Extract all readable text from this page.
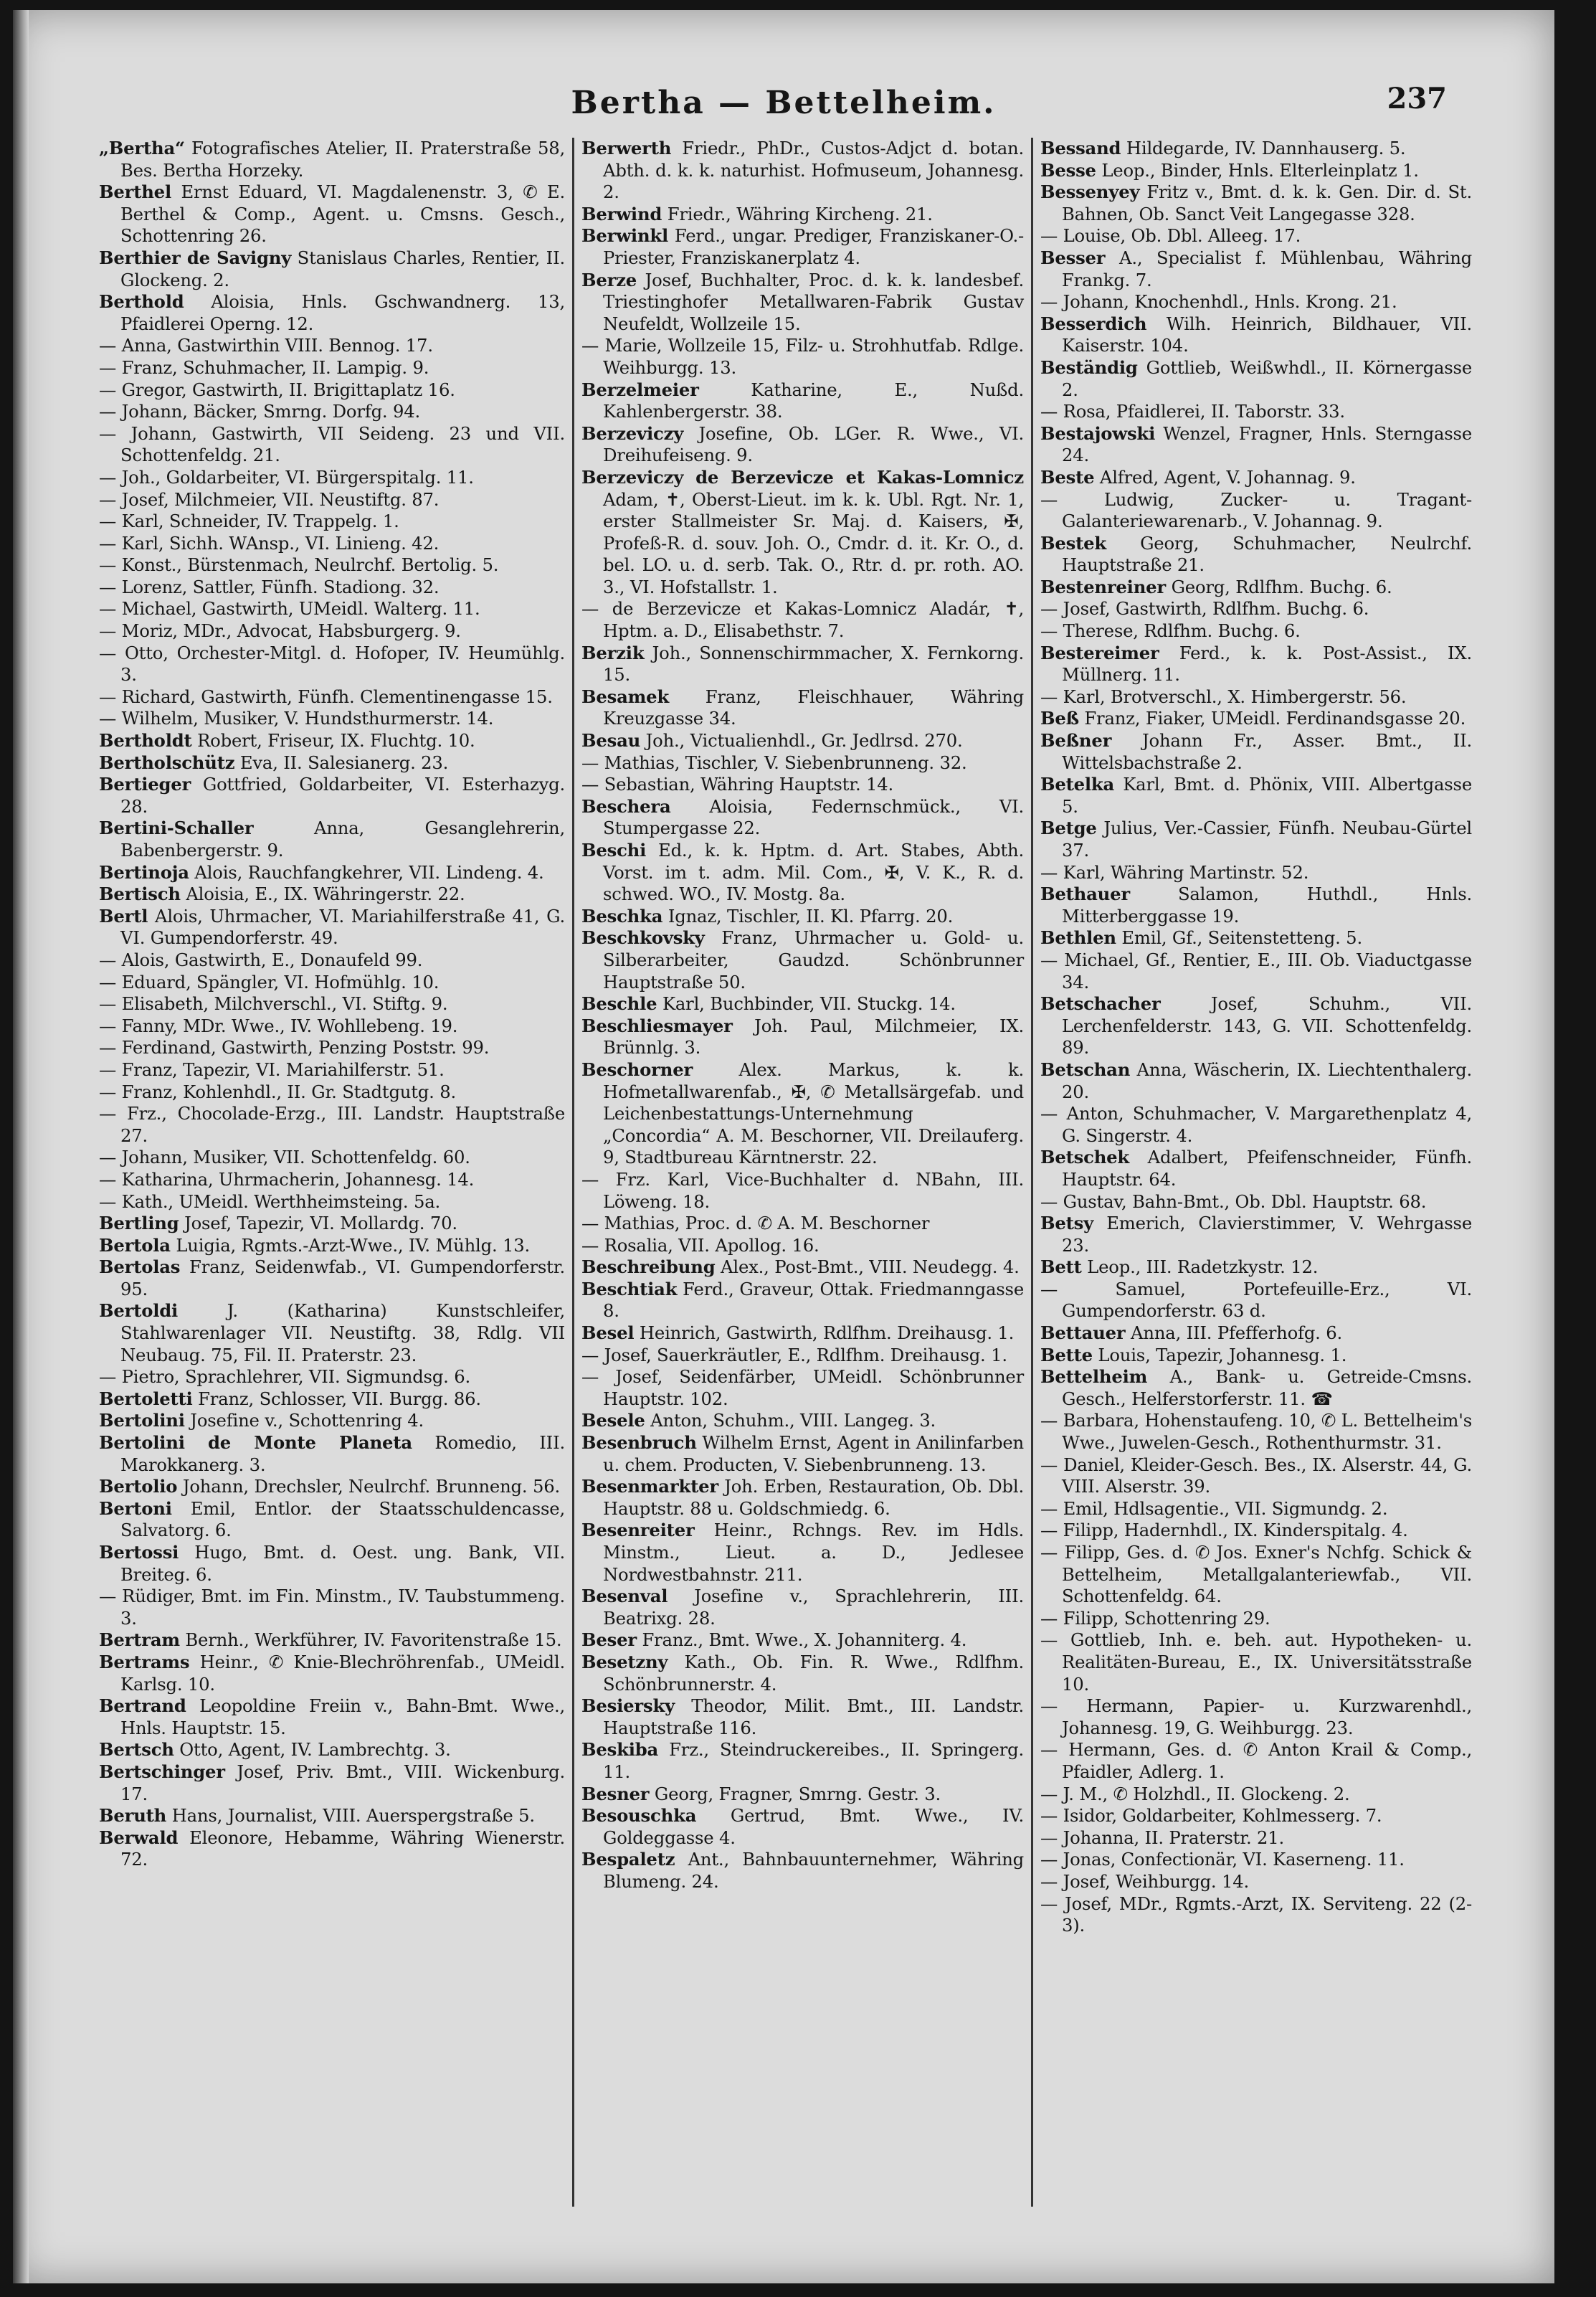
Bertha — Bettelheim.	237

„Bertha“ Fotografisches Atelier, II. Praterstraße 58, Bes. Bertha Horzeky.

Berthel Ernst Eduard, VI. Magdalenenstr. 3, ✆ E. Berthel & Comp., Agent. u. Cmsns. Gesch., Schottenring 26.

Berthier de Savigny Stanislaus Charles, Rentier, II. Glockeng. 2.

Berthold Aloisia, Hnls. Gschwandnerg. 13, Pfaidlerei Operng. 12.

— Anna, Gastwirthin VIII. Bennog. 17.

— Franz, Schuhmacher, II. Lampig. 9.

— Gregor, Gastwirth, II. Brigittaplatz 16.

— Johann, Bäcker, Smrng. Dorfg. 94.

— Johann, Gastwirth, VII Seideng. 23 und VII. Schottenfeldg. 21.

— Joh., Goldarbeiter, VI. Bürgerspitalg. 11.

— Josef, Milchmeier, VII. Neustiftg. 87.

— Karl, Schneider, IV. Trappelg. 1.

— Karl, Sichh. WAnsp., VI. Linieng. 42.

— Konst., Bürstenmach, Neulrchf. Bertolig. 5.

— Lorenz, Sattler, Fünfh. Stadiong. 32.

— Michael, Gastwirth, UMeidl. Walterg. 11.

— Moriz, MDr., Advocat, Habsburgerg. 9.

— Otto, Orchester-Mitgl. d. Hofoper, IV. Heumühlg. 3.

— Richard, Gastwirth, Fünfh. Clementinengasse 15.

— Wilhelm, Musiker, V. Hundsthurmerstr. 14.

Bertholdt Robert, Friseur, IX. Fluchtg. 10.

Bertholschütz Eva, II. Salesianerg. 23.

Bertieger Gottfried, Goldarbeiter, VI. Esterhazyg. 28.

Bertini-Schaller Anna, Gesanglehrerin, Babenbergerstr. 9.

Bertinoja Alois, Rauchfangkehrer, VII. Lindeng. 4.

Bertisch Aloisia, E., IX. Währingerstr. 22.

Bertl Alois, Uhrmacher, VI. Mariahilferstraße 41, G. VI. Gumpendorferstr. 49.

— Alois, Gastwirth, E., Donaufeld 99.

— Eduard, Spängler, VI. Hofmühlg. 10.

— Elisabeth, Milchverschl., VI. Stiftg. 9.

— Fanny, MDr. Wwe., IV. Wohllebeng. 19.

— Ferdinand, Gastwirth, Penzing Poststr. 99.

— Franz, Tapezir, VI. Mariahilferstr. 51.

— Franz, Kohlenhdl., II. Gr. Stadtgutg. 8.

— Frz., Chocolade-Erzg., III. Landstr. Hauptstraße 27.

— Johann, Musiker, VII. Schottenfeldg. 60.

— Katharina, Uhrmacherin, Johannesg. 14.

— Kath., UMeidl. Werthheimsteing. 5a.

Bertling Josef, Tapezir, VI. Mollardg. 70.

Bertola Luigia, Rgmts.-Arzt-Wwe., IV. Mühlg. 13.

Bertolas Franz, Seidenwfab., VI. Gumpendorferstr. 95.

Bertoldi J. (Katharina) Kunstschleifer, Stahlwarenlager VII. Neustiftg. 38, Rdlg. VII Neubaug. 75, Fil. II. Praterstr. 23.

— Pietro, Sprachlehrer, VII. Sigmundsg. 6.

Bertoletti Franz, Schlosser, VII. Burgg. 86.

Bertolini Josefine v., Schottenring 4.

Bertolini de Monte Planeta Romedio, III. Marokkanerg. 3.

Bertolio Johann, Drechsler, Neulrchf. Brunneng. 56.

Bertoni Emil, Entlor. der Staatsschuldencasse, Salvatorg. 6.

Bertossi Hugo, Bmt. d. Oest. ung. Bank, VII. Breiteg. 6.

— Rüdiger, Bmt. im Fin. Minstm., IV. Taubstummeng. 3.

Bertram Bernh., Werkführer, IV. Favoritenstraße 15.

Bertrams Heinr., ✆ Knie-Blechröhrenfab., UMeidl. Karlsg. 10.

Bertrand Leopoldine Freiin v., Bahn-Bmt. Wwe., Hnls. Hauptstr. 15.

Bertsch Otto, Agent, IV. Lambrechtg. 3.

Bertschinger Josef, Priv. Bmt., VIII. Wickenburg. 17.

Beruth Hans, Journalist, VIII. Auerspergstraße 5.

Berwald Eleonore, Hebamme, Währing Wienerstr. 72.

Berwerth Friedr., PhDr., Custos-Adjct d. botan. Abth. d. k. k. naturhist. Hofmuseum, Johannesg. 2.

Berwind Friedr., Währing Kircheng. 21.

Berwinkl Ferd., ungar. Prediger, Franziskaner-O.-Priester, Franziskanerplatz 4.

Berze Josef, Buchhalter, Proc. d. k. k. landesbef. Triestinghofer Metallwaren-Fabrik Gustav Neufeldt, Wollzeile 15.

— Marie, Wollzeile 15, Filz- u. Strohhutfab. Rdlge. Weihburgg. 13.

Berzelmeier Katharine, E., Nußd. Kahlenbergerstr. 38.

Berzeviczy Josefine, Ob. LGer. R. Wwe., VI. Dreihufeiseng. 9.

Berzeviczy de Berzevicze et Kakas-Lomnicz Adam, ✝, Oberst-Lieut. im k. k. Ubl. Rgt. Nr. 1, erster Stallmeister Sr. Maj. d. Kaisers, ✠, Profeß-R. d. souv. Joh. O., Cmdr. d. it. Kr. O., d. bel. LO. u. d. serb. Tak. O., Rtr. d. pr. roth. AO. 3., VI. Hofstallstr. 1.

— de Berzevicze et Kakas-Lomnicz Aladár, ✝, Hptm. a. D., Elisabethstr. 7.

Berzik Joh., Sonnenschirmmacher, X. Fernkorng. 15.

Besamek Franz, Fleischhauer, Währing Kreuzgasse 34.

Besau Joh., Victualienhdl., Gr. Jedlrsd. 270.

— Mathias, Tischler, V. Siebenbrunneng. 32.

— Sebastian, Währing Hauptstr. 14.

Beschera Aloisia, Federnschmück., VI. Stumpergasse 22.

Beschi Ed., k. k. Hptm. d. Art. Stabes, Abth. Vorst. im t. adm. Mil. Com., ✠, V. K., R. d. schwed. WO., IV. Mostg. 8a.

Beschka Ignaz, Tischler, II. Kl. Pfarrg. 20.

Beschkovsky Franz, Uhrmacher u. Gold- u. Silberarbeiter, Gaudzd. Schönbrunner Hauptstraße 50.

Beschle Karl, Buchbinder, VII. Stuckg. 14.

Beschliesmayer Joh. Paul, Milchmeier, IX. Brünnlg. 3.

Beschorner Alex. Markus, k. k. Hofmetallwarenfab., ✠, ✆ Metallsärgefab. und Leichenbestattungs-Unternehmung „Concordia“ A. M. Beschorner, VII. Dreilauferg. 9, Stadtbureau Kärntnerstr. 22.

— Frz. Karl, Vice-Buchhalter d. NBahn, III. Löweng. 18.

— Mathias, Proc. d. ✆ A. M. Beschorner

— Rosalia, VII. Apollog. 16.

Beschreibung Alex., Post-Bmt., VIII. Neudegg. 4.

Beschtiak Ferd., Graveur, Ottak. Friedmanngasse 8.

Besel Heinrich, Gastwirth, Rdlfhm. Dreihausg. 1.

— Josef, Sauerkräutler, E., Rdlfhm. Dreihausg. 1.

— Josef, Seidenfärber, UMeidl. Schönbrunner Hauptstr. 102.

Besele Anton, Schuhm., VIII. Langeg. 3.

Besenbruch Wilhelm Ernst, Agent in Anilinfarben u. chem. Producten, V. Siebenbrunneng. 13.

Besenmarkter Joh. Erben, Restauration, Ob. Dbl. Hauptstr. 88 u. Goldschmiedg. 6.

Besenreiter Heinr., Rchngs. Rev. im Hdls. Minstm., Lieut. a. D., Jedlesee Nordwestbahnstr. 211.

Besenval Josefine v., Sprachlehrerin, III. Beatrixg. 28.

Beser Franz., Bmt. Wwe., X. Johanniterg. 4.

Besetzny Kath., Ob. Fin. R. Wwe., Rdlfhm. Schönbrunnerstr. 4.

Besiersky Theodor, Milit. Bmt., III. Landstr. Hauptstraße 116.

Beskiba Frz., Steindruckereibes., II. Springerg. 11.

Besner Georg, Fragner, Smrng. Gestr. 3.

Besouschka Gertrud, Bmt. Wwe., IV. Goldeggasse 4.

Bespaletz Ant., Bahnbauunternehmer, Währing Blumeng. 24.

Bessand Hildegarde, IV. Dannhauserg. 5.

Besse Leop., Binder, Hnls. Elterleinplatz 1.

Bessenyey Fritz v., Bmt. d. k. k. Gen. Dir. d. St. Bahnen, Ob. Sanct Veit Langegasse 328.

— Louise, Ob. Dbl. Alleeg. 17.

Besser A., Specialist f. Mühlenbau, Währing Frankg. 7.

— Johann, Knochenhdl., Hnls. Krong. 21.

Besserdich Wilh. Heinrich, Bildhauer, VII. Kaiserstr. 104.

Beständig Gottlieb, Weißwhdl., II. Körnergasse 2.

— Rosa, Pfaidlerei, II. Taborstr. 33.

Bestajowski Wenzel, Fragner, Hnls. Sterngasse 24.

Beste Alfred, Agent, V. Johannag. 9.

— Ludwig, Zucker- u. Tragant-Galanteriewarenarb., V. Johannag. 9.

Bestek Georg, Schuhmacher, Neulrchf. Hauptstraße 21.

Bestenreiner Georg, Rdlfhm. Buchg. 6.

— Josef, Gastwirth, Rdlfhm. Buchg. 6.

— Therese, Rdlfhm. Buchg. 6.

Bestereimer Ferd., k. k. Post-Assist., IX. Müllnerg. 11.

— Karl, Brotverschl., X. Himbergerstr. 56.

Beß Franz, Fiaker, UMeidl. Ferdinandsgasse 20.

Beßner Johann Fr., Asser. Bmt., II. Wittelsbachstraße 2.

Betelka Karl, Bmt. d. Phönix, VIII. Albertgasse 5.

Betge Julius, Ver.-Cassier, Fünfh. Neubau-Gürtel 37.

— Karl, Währing Martinstr. 52.

Bethauer Salamon, Huthdl., Hnls. Mitterberggasse 19.

Bethlen Emil, Gf., Seitenstetteng. 5.

— Michael, Gf., Rentier, E., III. Ob. Viaductgasse 34.

Betschacher Josef, Schuhm., VII. Lerchenfelderstr. 143, G. VII. Schottenfeldg. 89.

Betschan Anna, Wäscherin, IX. Liechtenthalerg. 20.

— Anton, Schuhmacher, V. Margarethenplatz 4, G. Singerstr. 4.

Betschek Adalbert, Pfeifenschneider, Fünfh. Hauptstr. 64.

— Gustav, Bahn-Bmt., Ob. Dbl. Hauptstr. 68.

Betsy Emerich, Clavierstimmer, V. Wehrgasse 23.

Bett Leop., III. Radetzkystr. 12.

— Samuel, Portefeuille-Erz., VI. Gumpendorferstr. 63 d.

Bettauer Anna, III. Pfefferhofg. 6.

Bette Louis, Tapezir, Johannesg. 1.

Bettelheim A., Bank- u. Getreide-Cmsns. Gesch., Helferstorferstr. 11. ☎

— Barbara, Hohenstaufeng. 10, ✆ L. Bettelheim's Wwe., Juwelen-Gesch., Rothenthurmstr. 31.

— Daniel, Kleider-Gesch. Bes., IX. Alserstr. 44, G. VIII. Alserstr. 39.

— Emil, Hdlsagentie., VII. Sigmundg. 2.

— Filipp, Hadernhdl., IX. Kinderspitalg. 4.

— Filipp, Ges. d. ✆ Jos. Exner's Nchfg. Schick & Bettelheim, Metallgalanteriewfab., VII. Schottenfeldg. 64.

— Filipp, Schottenring 29.

— Gottlieb, Inh. e. beh. aut. Hypotheken- u. Realitäten-Bureau, E., IX. Universitätsstraße 10.

— Hermann, Papier- u. Kurzwarenhdl., Johannesg. 19, G. Weihburgg. 23.

— Hermann, Ges. d. ✆ Anton Krail & Comp., Pfaidler, Adlerg. 1.

— J. M., ✆ Holzhdl., II. Glockeng. 2.

— Isidor, Goldarbeiter, Kohlmesserg. 7.

— Johanna, II. Praterstr. 21.

— Jonas, Confectionär, VI. Kaserneng. 11.

— Josef, Weihburgg. 14.

— Josef, MDr., Rgmts.-Arzt, IX. Serviteng. 22 (2-3).
